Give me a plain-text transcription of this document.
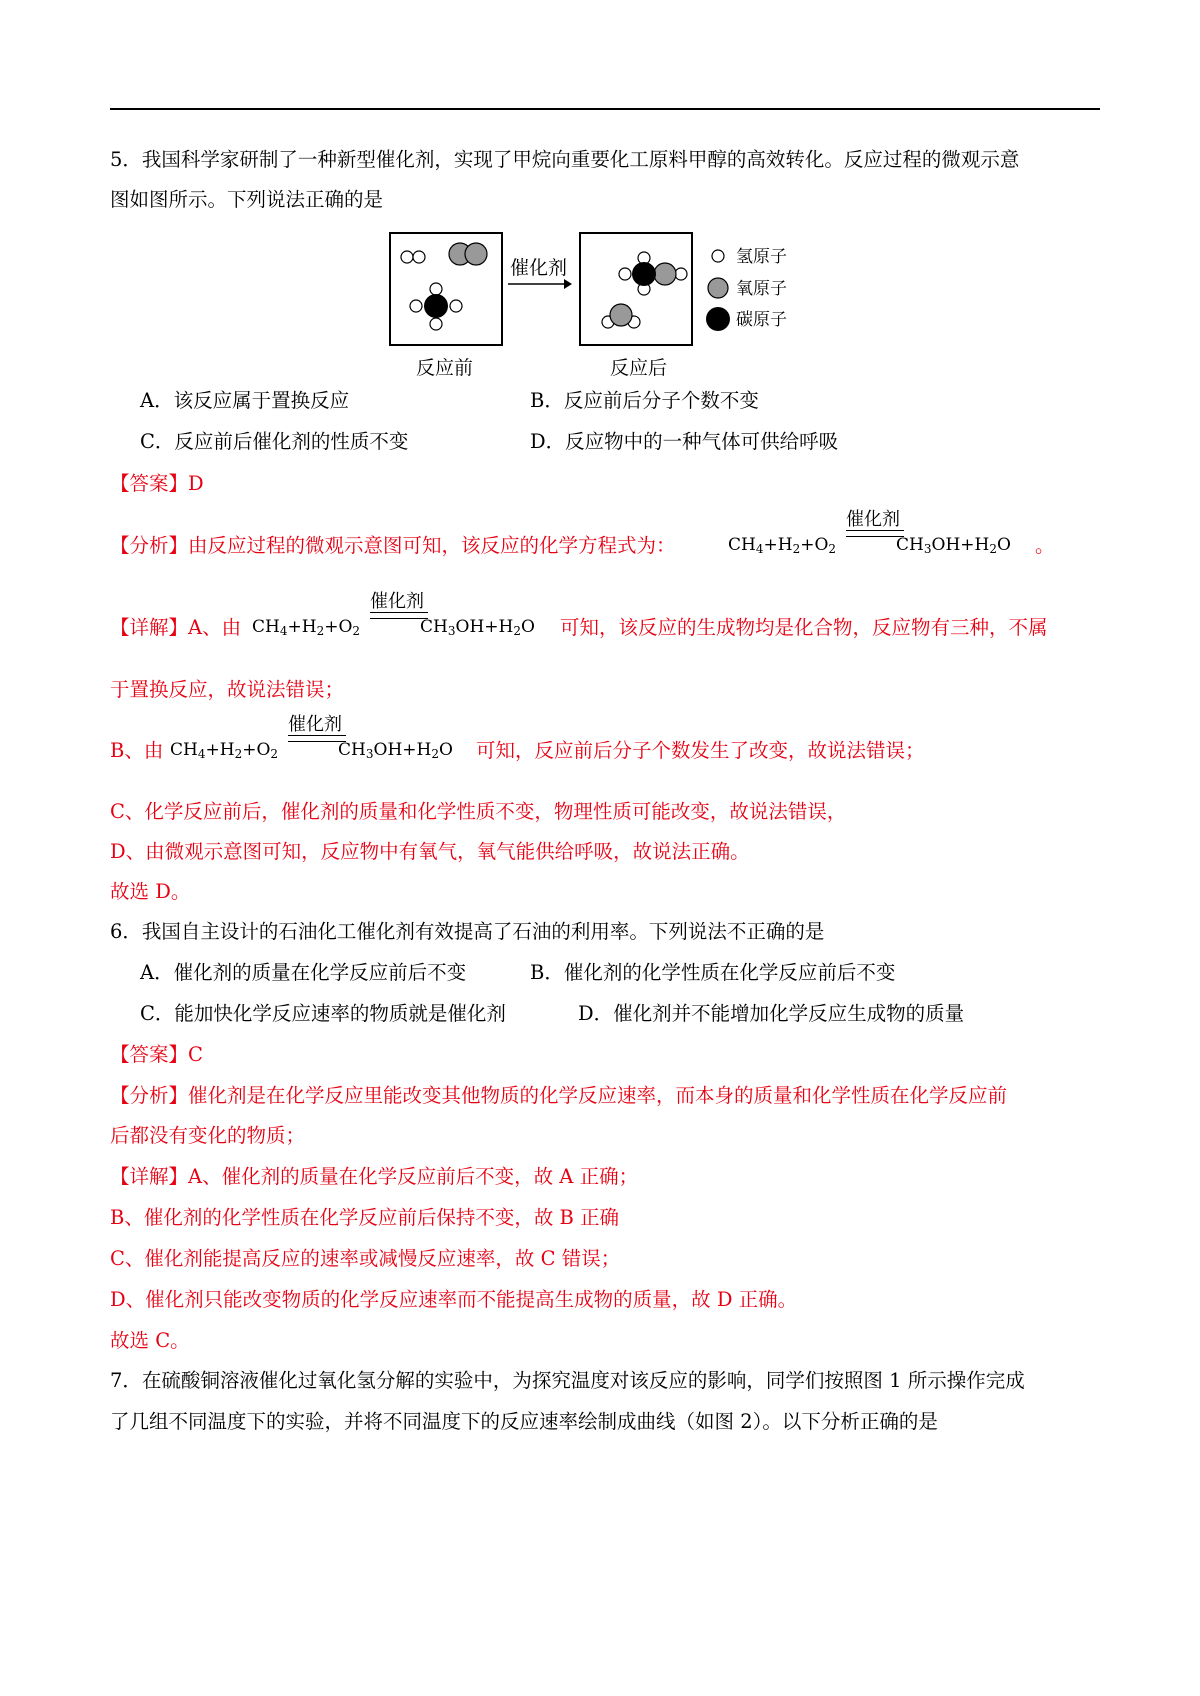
5．我国科学家研制了一种新型催化剂，实现了甲烷向重要化工原料甲醇的高效转化。反应过程的微观示意
图如图所示。下列说法正确的是
催化剂
反应前	反应后
氢原子
氧原子
碳原子
A．该反应属于置换反应	B．反应前后分子个数不变
C．反应前后催化剂的性质不变	D．反应物中的一种气体可供给呼吸
【答案】D
【分析】由反应过程的微观示意图可知，该反应的化学方程式为：
催化剂
$CH_4+H_2+O_2$	$CH_3OH+H_2O$ 。
【详解】A、由
催化剂
$CH_4+H_2+O_2$	$CH_3OH+H_2O$ 可知，该反应的生成物均是化合物，反应物有三种，不属
于置换反应，故说法错误；
B、由
催化剂
$CH_4+H_2+O_2$	$CH_3OH+H_2O$ 可知，反应前后分子个数发生了改变，故说法错误；
C、化学反应前后，催化剂的质量和化学性质不变，物理性质可能改变，故说法错误，
D、由微观示意图可知，反应物中有氧气，氧气能供给呼吸，故说法正确。
故选 D。
6．我国自主设计的石油化工催化剂有效提高了石油的利用率。下列说法不正确的是
A．催化剂的质量在化学反应前后不变	B．催化剂的化学性质在化学反应前后不变
C．能加快化学反应速率的物质就是催化剂	D．催化剂并不能增加化学反应生成物的质量
【答案】C
【分析】催化剂是在化学反应里能改变其他物质的化学反应速率，而本身的质量和化学性质在化学反应前
后都没有变化的物质；
【详解】A、催化剂的质量在化学反应前后不变，故 A 正确；
B、催化剂的化学性质在化学反应前后保持不变，故 B 正确
C、催化剂能提高反应的速率或减慢反应速率，故 C 错误；
D、催化剂只能改变物质的化学反应速率而不能提高生成物的质量，故 D 正确。
故选 C。
7．在硫酸铜溶液催化过氧化氢分解的实验中，为探究温度对该反应的影响，同学们按照图 1 所示操作完成
了几组不同温度下的实验，并将不同温度下的反应速率绘制成曲线（如图 2）。以下分析正确的是
